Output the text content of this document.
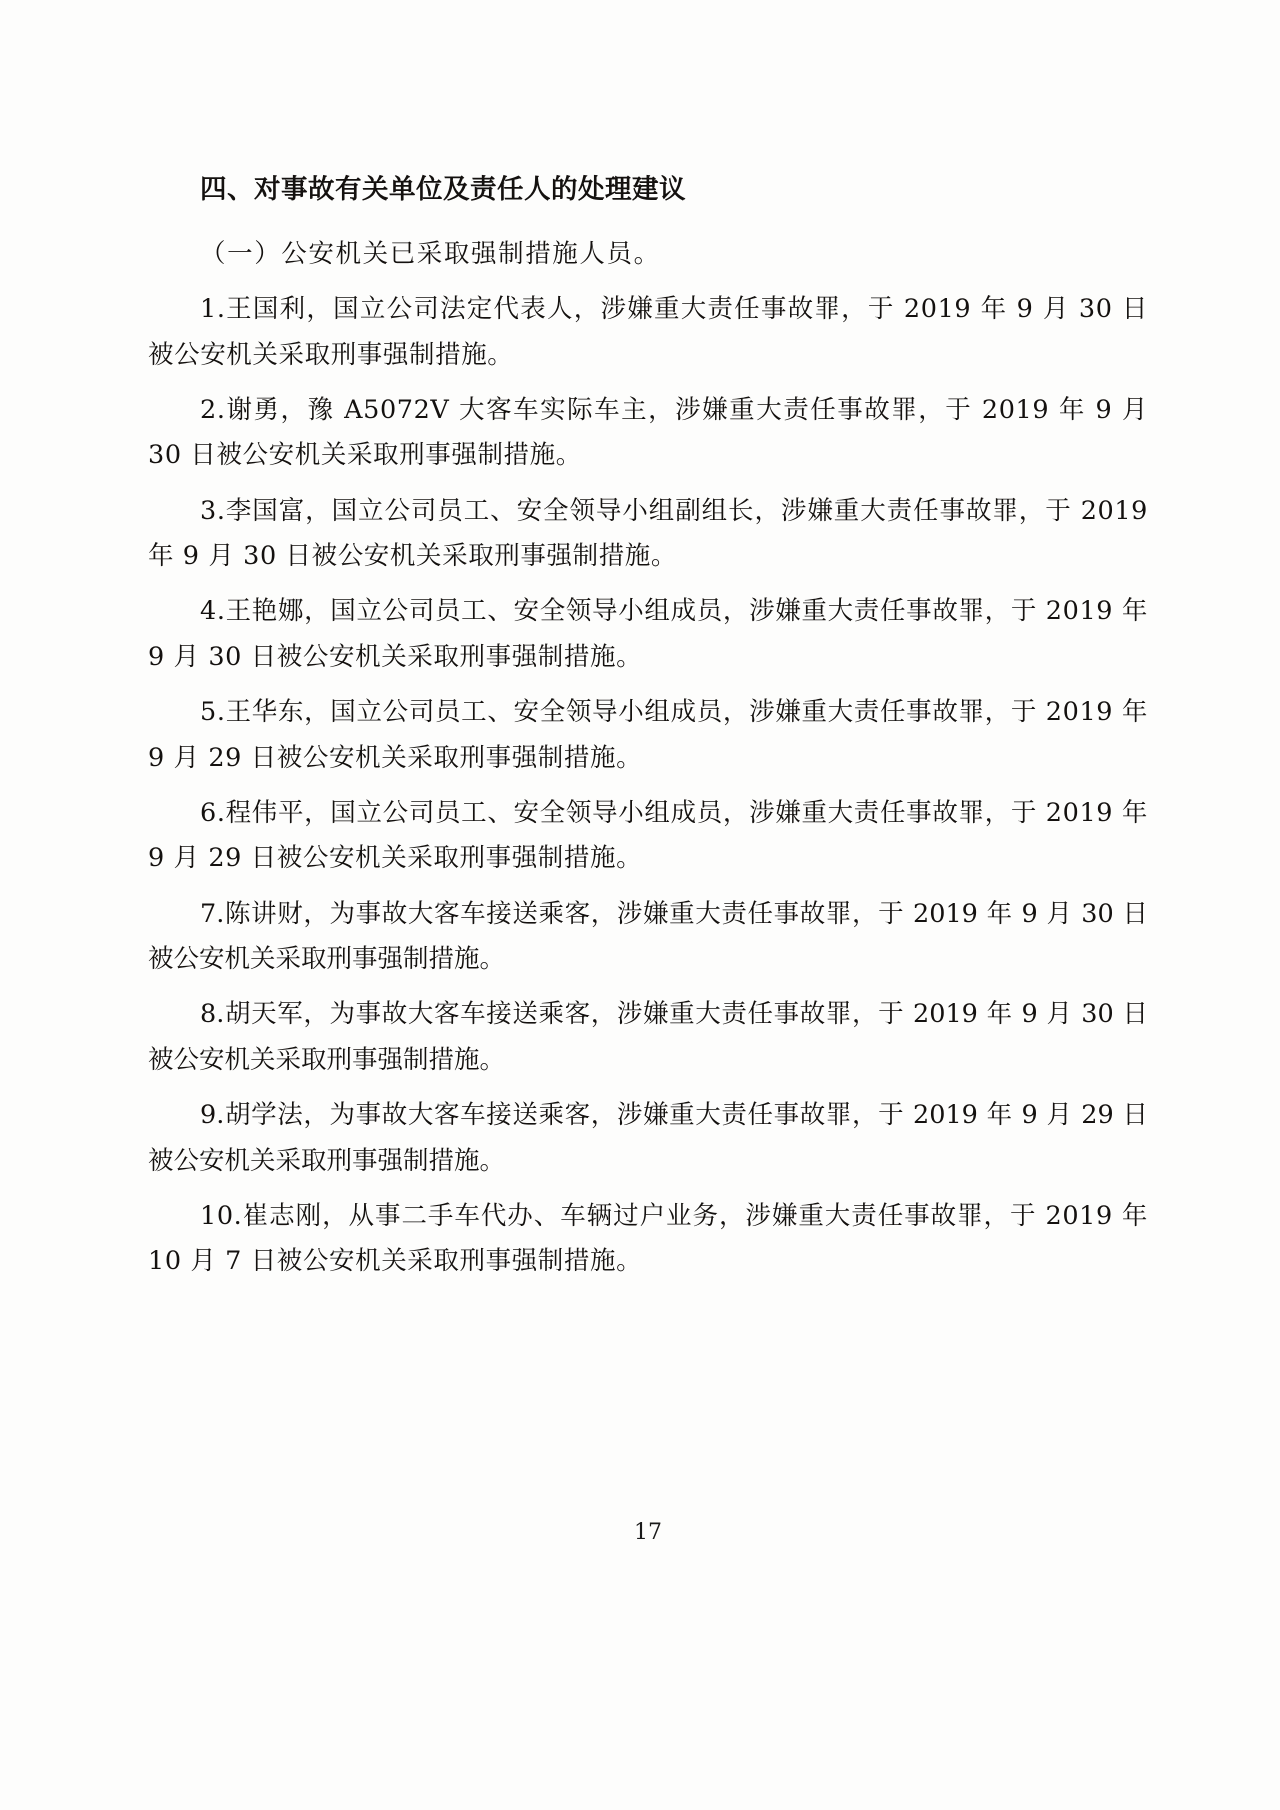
四、对事故有关单位及责任人的处理建议

（一）公安机关已采取强制措施人员。

1.王国利，国立公司法定代表人，涉嫌重大责任事故罪，于 2019 年 9 月 30 日被公安机关采取刑事强制措施。

2.谢勇，豫 A5072V 大客车实际车主，涉嫌重大责任事故罪，于 2019 年 9 月 30 日被公安机关采取刑事强制措施。

3.李国富，国立公司员工、安全领导小组副组长，涉嫌重大责任事故罪，于 2019 年 9 月 30 日被公安机关采取刑事强制措施。

4.王艳娜，国立公司员工、安全领导小组成员，涉嫌重大责任事故罪，于 2019 年 9 月 30 日被公安机关采取刑事强制措施。

5.王华东，国立公司员工、安全领导小组成员，涉嫌重大责任事故罪，于 2019 年 9 月 29 日被公安机关采取刑事强制措施。

6.程伟平，国立公司员工、安全领导小组成员，涉嫌重大责任事故罪，于 2019 年 9 月 29 日被公安机关采取刑事强制措施。

7.陈讲财，为事故大客车接送乘客，涉嫌重大责任事故罪，于 2019 年 9 月 30 日被公安机关采取刑事强制措施。

8.胡天军，为事故大客车接送乘客，涉嫌重大责任事故罪，于 2019 年 9 月 30 日被公安机关采取刑事强制措施。

9.胡学法，为事故大客车接送乘客，涉嫌重大责任事故罪，于 2019 年 9 月 29 日被公安机关采取刑事强制措施。

10.崔志刚，从事二手车代办、车辆过户业务，涉嫌重大责任事故罪，于 2019 年 10 月 7 日被公安机关采取刑事强制措施。

17
